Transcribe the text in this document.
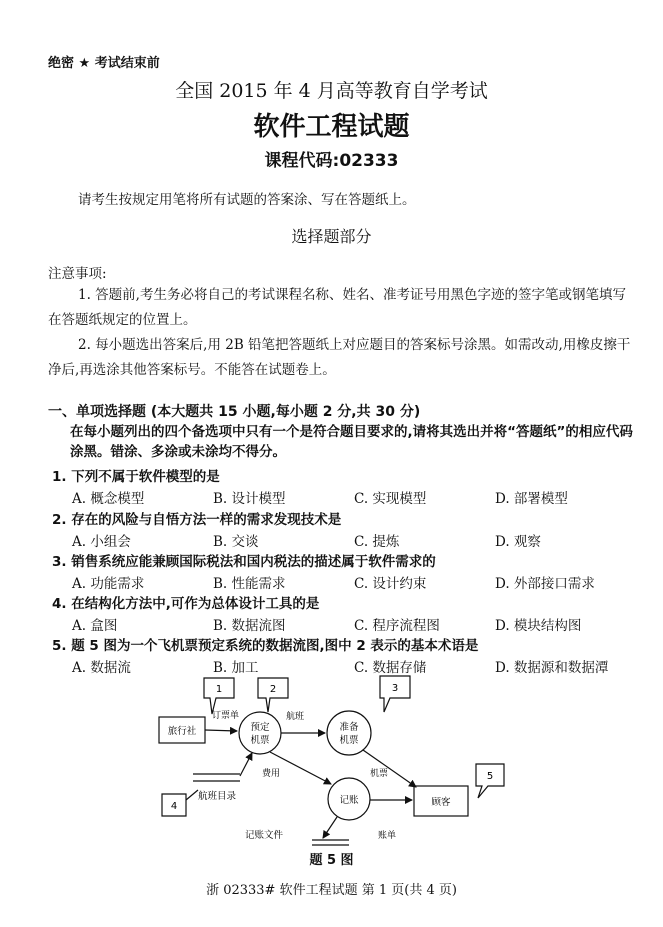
绝密 ★ 考试结束前
全国 2015 年 4 月高等教育自学考试
软件工程试题
课程代码:02333
请考生按规定用笔将所有试题的答案涂、写在答题纸上。
选择题部分
注意事项:
1. 答题前,考生务必将自己的考试课程名称、姓名、准考证号用黑色字迹的签字笔或钢笔填写在答题纸规定的位置上。
2. 每小题选出答案后,用 2B 铅笔把答题纸上对应题目的答案标号涂黑。如需改动,用橡皮擦干净后,再选涂其他答案标号。不能答在试题卷上。
一、单项选择题 (本大题共 15 小题,每小题 2 分,共 30 分)
在每小题列出的四个备选项中只有一个是符合题目要求的,请将其选出并将“答题纸”的相应代码涂黑。错涂、多涂或未涂均不得分。
1. 下列不属于软件模型的是
A. 概念模型	B. 设计模型	C. 实现模型	D. 部署模型
2. 存在的风险与自悟方法一样的需求发现技术是
A. 小组会	B. 交谈	C. 提炼	D. 观察
3. 销售系统应能兼顾国际税法和国内税法的描述属于软件需求的
A. 功能需求	B. 性能需求	C. 设计约束	D. 外部接口需求
4. 在结构化方法中,可作为总体设计工具的是
A. 盒图	B. 数据流图	C. 程序流程图	D. 模块结构图
5. 题 5 图为一个飞机票预定系统的数据流图,图中 2 表示的基本术语是
A. 数据流	B. 加工	C. 数据存储	D. 数据源和数据潭
1	2	3
4
5
旅行社	预定
机票
准备
机票
记账	顾客
航班目录
记账文件
订票单	航班
费用	机票
账单
题 5 图
浙 02333# 软件工程试题 第 1 页(共 4 页)
